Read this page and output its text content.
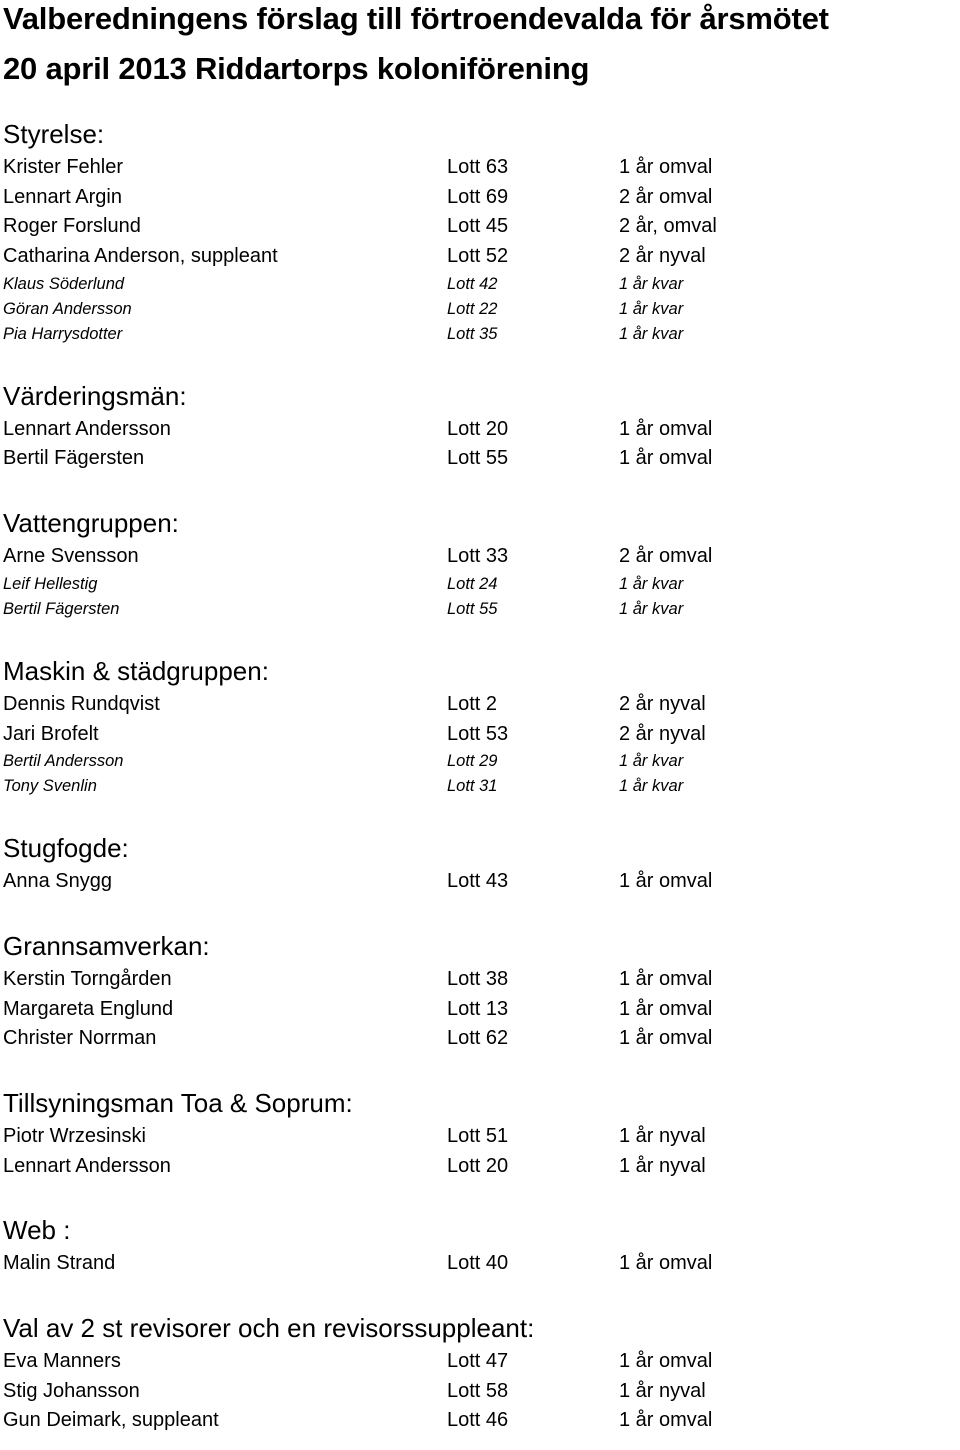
Valberedningens förslag till förtroendevalda för årsmötet
20 april 2013 Riddartorps koloniförening
Styrelse:
Krister Fehler	Lott 63	1 år omval
Lennart Argin	Lott 69	2 år omval
Roger Forslund	Lott 45	2 år, omval
Catharina Anderson, suppleant	Lott 52	2 år nyval
Klaus Söderlund	Lott 42	1 år kvar
Göran Andersson	Lott 22	1 år kvar
Pia Harrysdotter	Lott 35	1 år kvar
Värderingsmän:
Lennart Andersson	Lott 20	1 år omval
Bertil Fägersten	Lott 55	1 år omval
Vattengruppen:
Arne Svensson	Lott 33	2 år omval
Leif Hellestig	Lott 24	1 år kvar
Bertil Fägersten	Lott 55	1 år kvar
Maskin & städgruppen:
Dennis Rundqvist	Lott 2	2 år nyval
Jari Brofelt	Lott 53	2 år nyval
Bertil Andersson	Lott 29	1 år kvar
Tony Svenlin	Lott 31	1 år kvar
Stugfogde:
Anna Snygg	Lott 43	1 år omval
Grannsamverkan:
Kerstin Torngården	Lott 38	1 år omval
Margareta Englund	Lott 13	1 år omval
Christer Norrman	Lott 62	1 år omval
Tillsyningsman Toa & Soprum:
Piotr Wrzesinski	Lott 51	1 år nyval
Lennart Andersson	Lott 20	1 år nyval
Web :
Malin Strand	Lott 40	1 år omval
Val av 2 st revisorer och en revisorssuppleant:
Eva Manners	Lott 47	1 år omval
Stig Johansson	Lott 58	1 år nyval
Gun Deimark, suppleant	Lott 46	1 år omval
